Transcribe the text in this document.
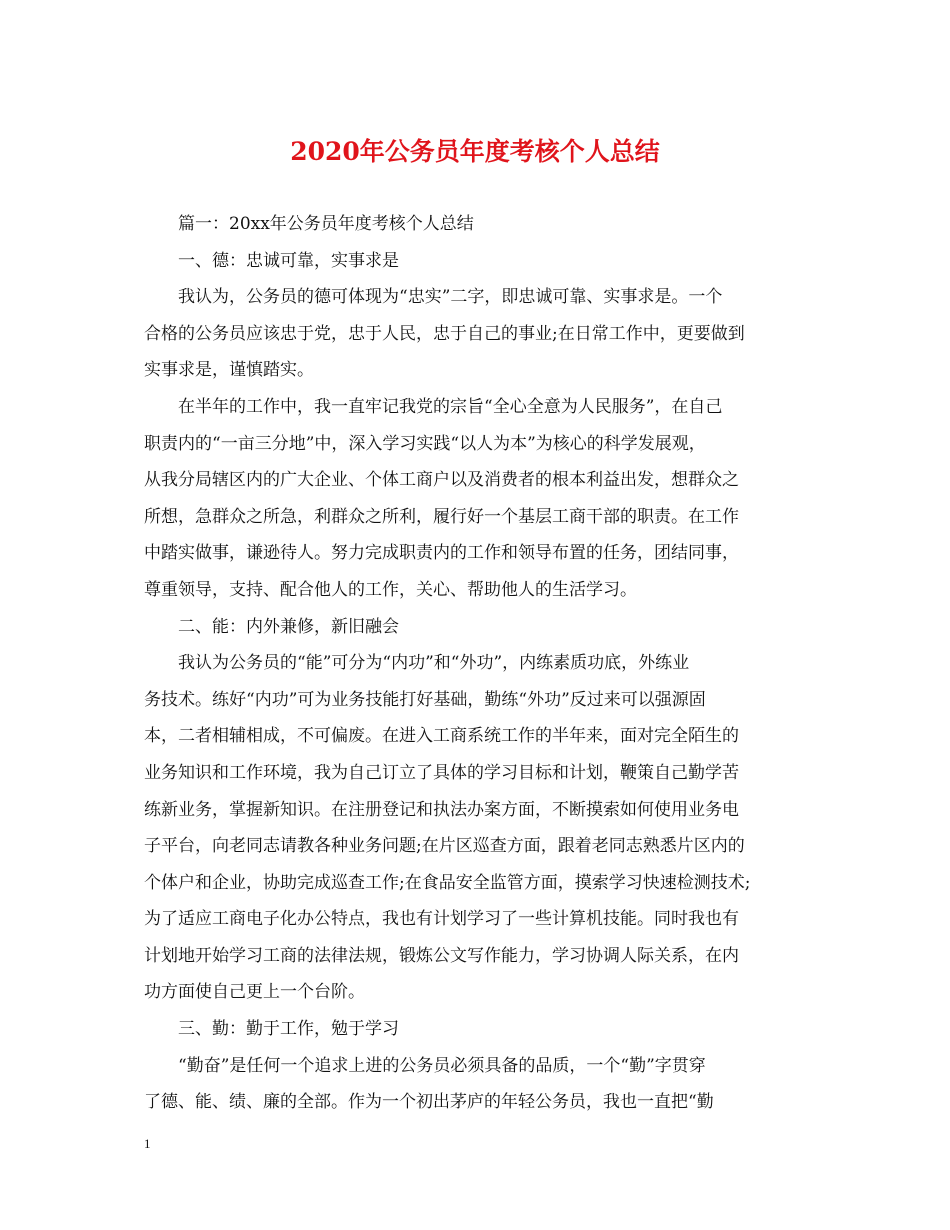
2020年公务员年度考核个人总结
篇一：20xx年公务员年度考核个人总结
一、德：忠诚可靠，实事求是
我认为，公务员的德可体现为“忠实”二字，即忠诚可靠、实事求是。一个
合格的公务员应该忠于党，忠于人民，忠于自己的事业;在日常工作中，更要做到
实事求是，谨慎踏实。
在半年的工作中，我一直牢记我党的宗旨“全心全意为人民服务”，在自己
职责内的“一亩三分地”中，深入学习实践“以人为本”为核心的科学发展观，
从我分局辖区内的广大企业、个体工商户以及消费者的根本利益出发，想群众之
所想，急群众之所急，利群众之所利，履行好一个基层工商干部的职责。在工作
中踏实做事，谦逊待人。努力完成职责内的工作和领导布置的任务，团结同事，
尊重领导，支持、配合他人的工作，关心、帮助他人的生活学习。
二、能：内外兼修，新旧融会
我认为公务员的“能”可分为“内功”和“外功”，内练素质功底，外练业
务技术。练好“内功”可为业务技能打好基础，勤练“外功”反过来可以强源固
本，二者相辅相成，不可偏废。在进入工商系统工作的半年来，面对完全陌生的
业务知识和工作环境，我为自己订立了具体的学习目标和计划，鞭策自己勤学苦
练新业务，掌握新知识。在注册登记和执法办案方面，不断摸索如何使用业务电
子平台，向老同志请教各种业务问题;在片区巡查方面，跟着老同志熟悉片区内的
个体户和企业，协助完成巡查工作;在食品安全监管方面，摸索学习快速检测技术;
为了适应工商电子化办公特点，我也有计划学习了一些计算机技能。同时我也有
计划地开始学习工商的法律法规，锻炼公文写作能力，学习协调人际关系，在内
功方面使自己更上一个台阶。
三、勤：勤于工作，勉于学习
“勤奋”是任何一个追求上进的公务员必须具备的品质，一个“勤”字贯穿
了德、能、绩、廉的全部。作为一个初出茅庐的年轻公务员，我也一直把“勤
1
